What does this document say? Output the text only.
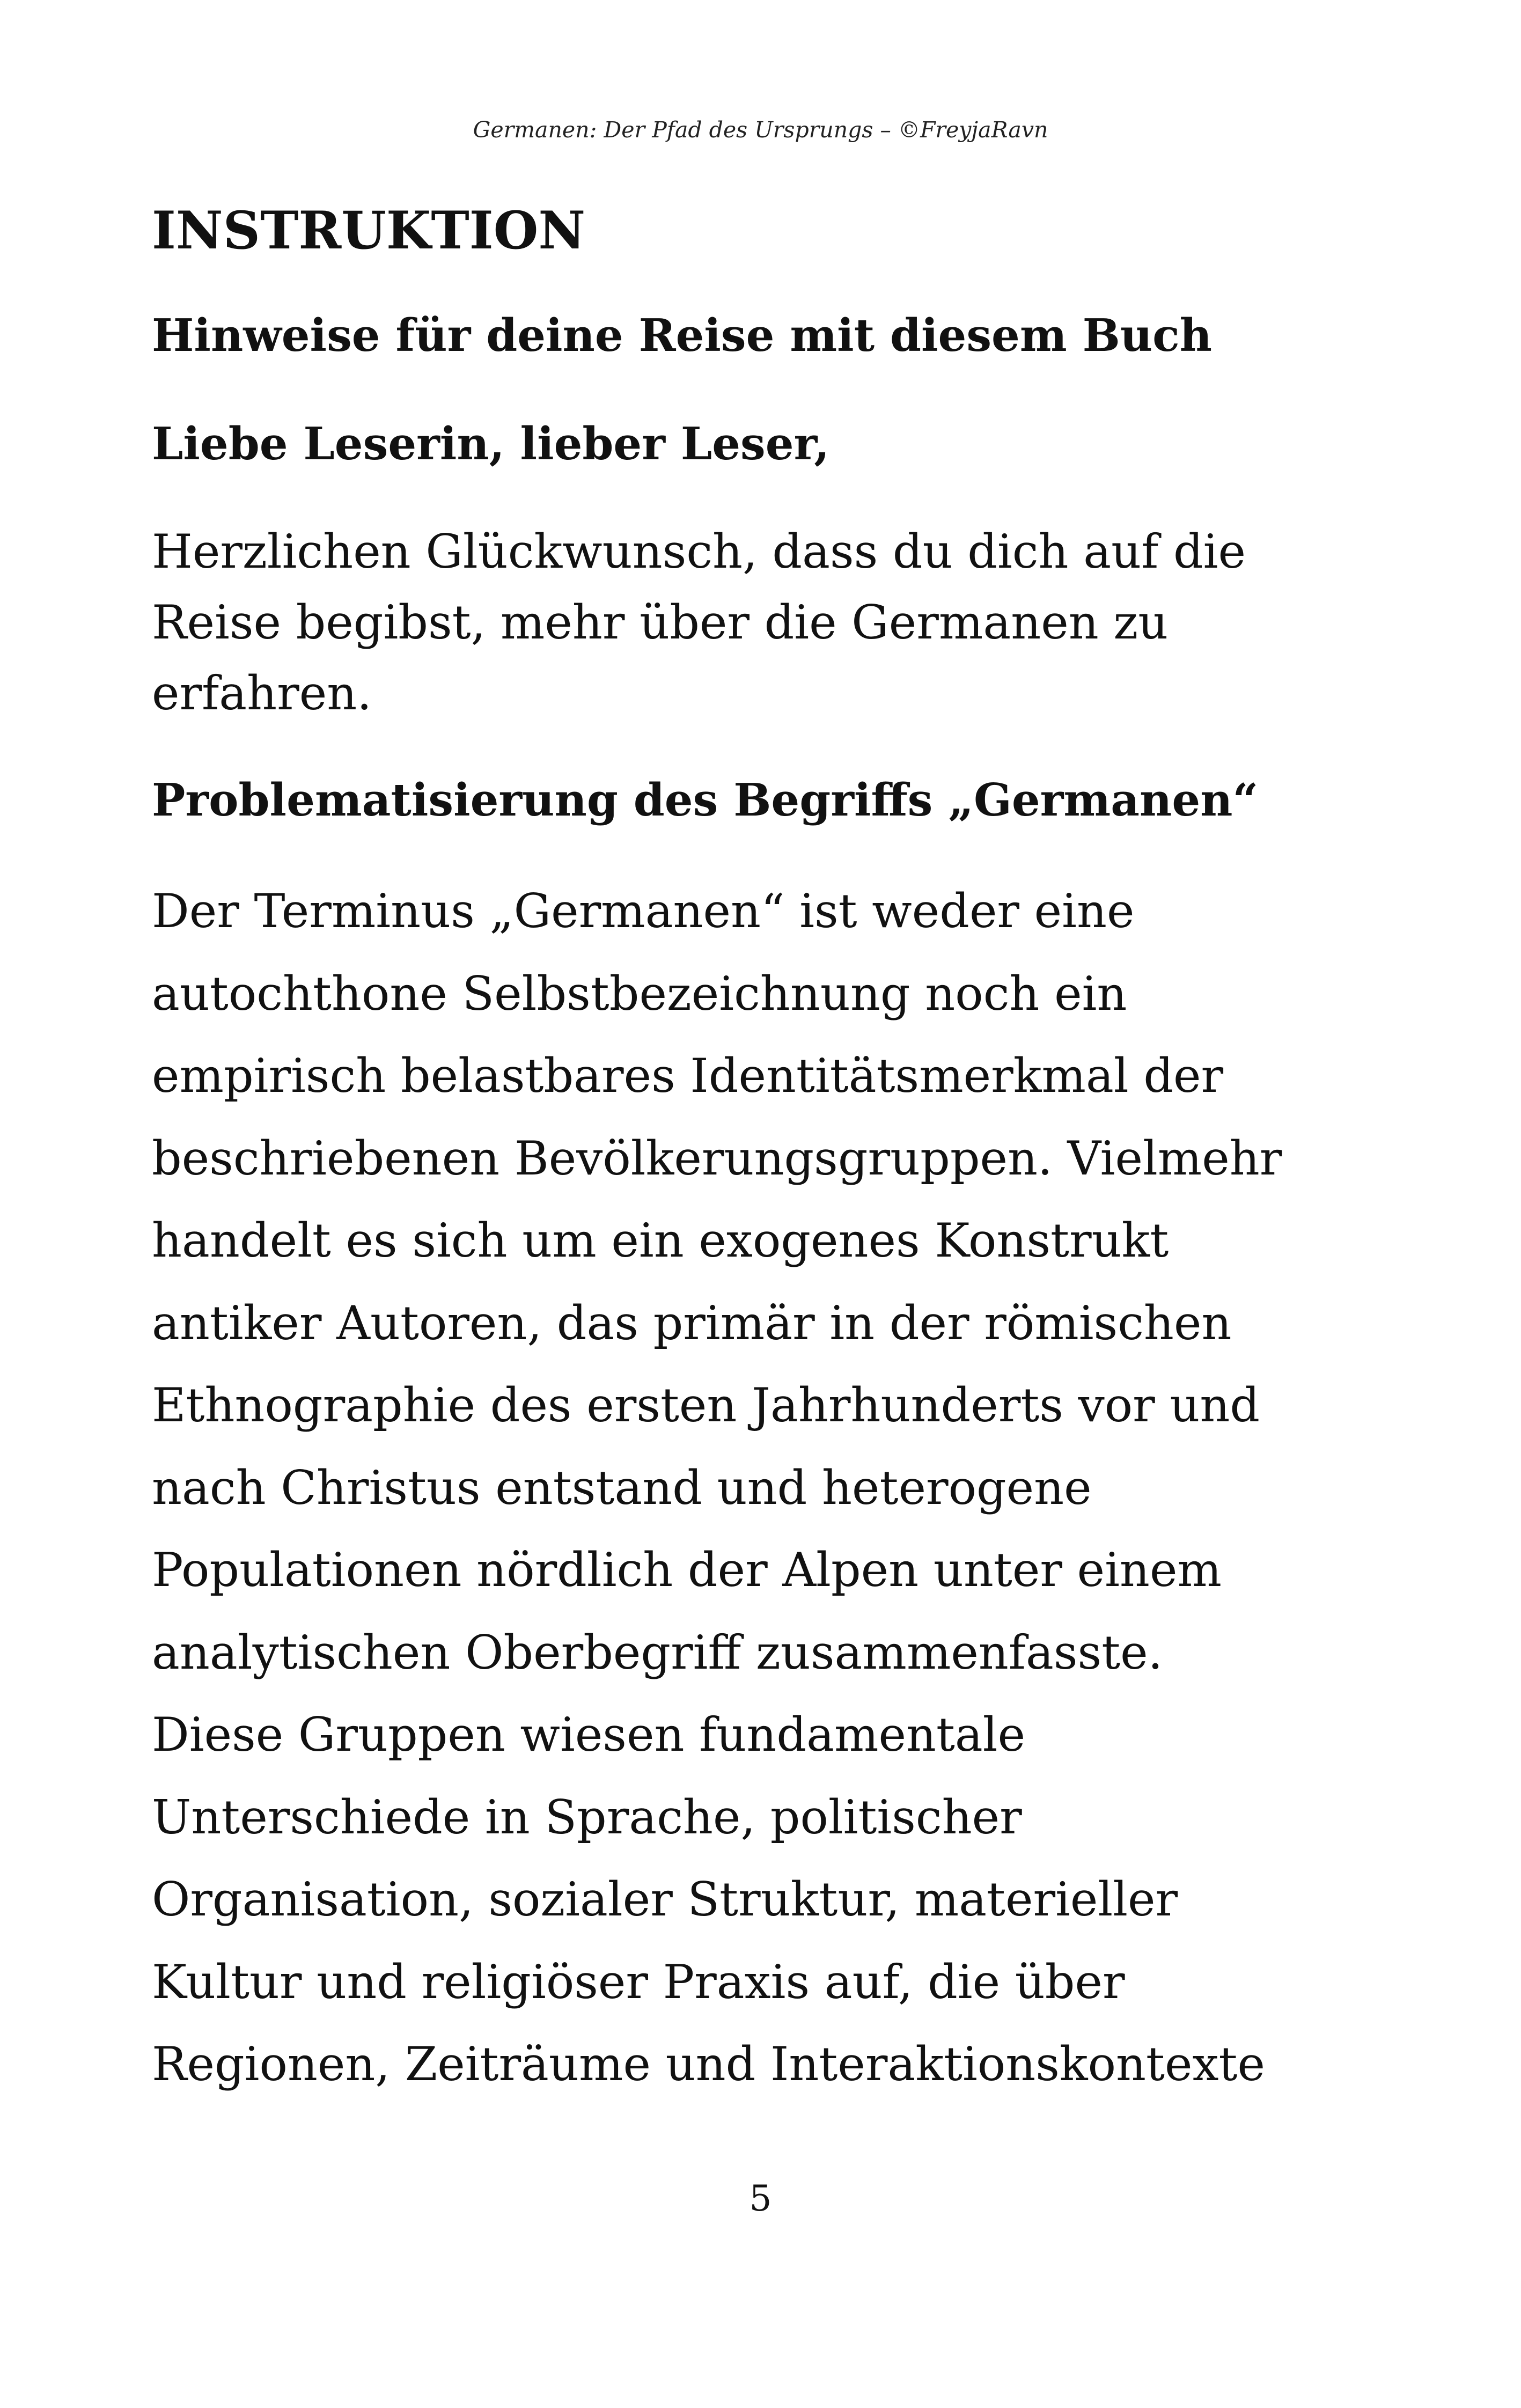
Germanen: Der Pfad des Ursprungs – ©FreyjaRavn
INSTRUKTION
Hinweise für deine Reise mit diesem Buch
Liebe Leserin, lieber Leser,

Herzlichen Glückwunsch, dass du dich auf die
Reise begibst, mehr über die Germanen zu
erfahren.

Problematisierung des Begriffs „Germanen“

Der Terminus „Germanen“ ist weder eine
autochthone Selbstbezeichnung noch ein
empirisch belastbares Identitätsmerkmal der
beschriebenen Bevölkerungsgruppen. Vielmehr
handelt es sich um ein exogenes Konstrukt
antiker Autoren, das primär in der römischen
Ethnographie des ersten Jahrhunderts vor und
nach Christus entstand und heterogene
Populationen nördlich der Alpen unter einem
analytischen Oberbegriff zusammenfasste.
Diese Gruppen wiesen fundamentale
Unterschiede in Sprache, politischer
Organisation, sozialer Struktur, materieller
Kultur und religiöser Praxis auf, die über
Regionen, Zeiträume und Interaktionskontexte

5
